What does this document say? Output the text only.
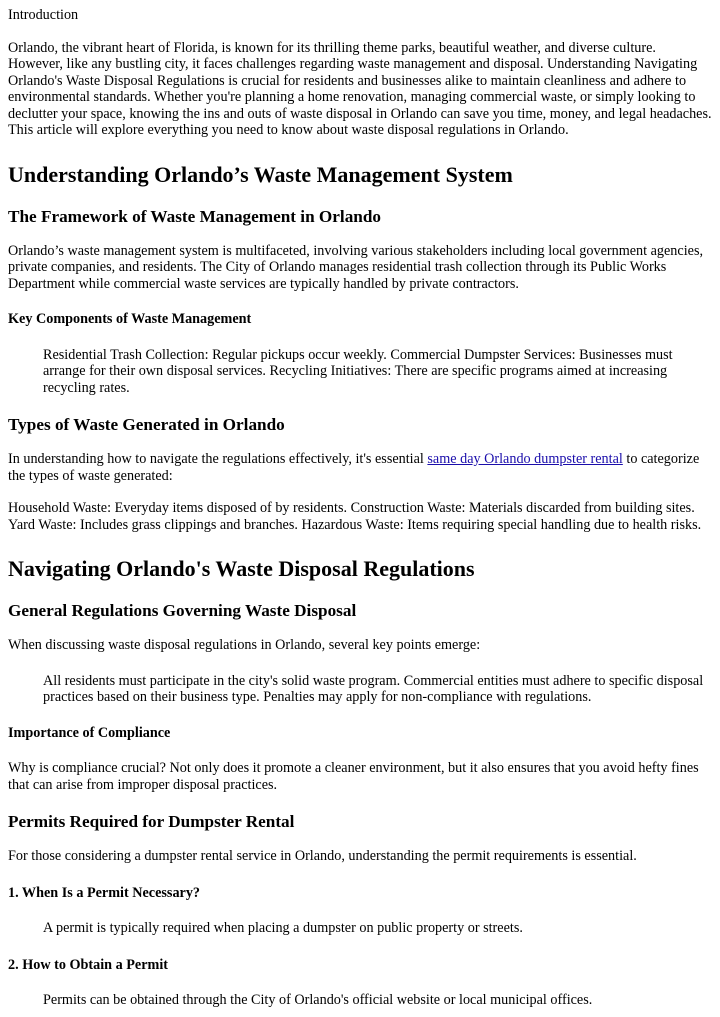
Introduction

Orlando, the vibrant heart of Florida, is known for its thrilling theme parks, beautiful weather, and diverse culture. However, like any bustling city, it faces challenges regarding waste management and disposal. Understanding Navigating Orlando's Waste Disposal Regulations is crucial for residents and businesses alike to maintain cleanliness and adhere to environmental standards. Whether you're planning a home renovation, managing commercial waste, or simply looking to declutter your space, knowing the ins and outs of waste disposal in Orlando can save you time, money, and legal headaches. This article will explore everything you need to know about waste disposal regulations in Orlando.

Understanding Orlando’s Waste Management System
The Framework of Waste Management in Orlando

Orlando’s waste management system is multifaceted, involving various stakeholders including local government agencies, private companies, and residents. The City of Orlando manages residential trash collection through its Public Works Department while commercial waste services are typically handled by private contractors.

Key Components of Waste Management
Residential Trash Collection: Regular pickups occur weekly. Commercial Dumpster Services: Businesses must arrange for their own disposal services. Recycling Initiatives: There are specific programs aimed at increasing recycling rates.
Types of Waste Generated in Orlando

In understanding how to navigate the regulations effectively, it's essential same day Orlando dumpster rental to categorize the types of waste generated:

Household Waste: Everyday items disposed of by residents. Construction Waste: Materials discarded from building sites. Yard Waste: Includes grass clippings and branches. Hazardous Waste: Items requiring special handling due to health risks.

Navigating Orlando's Waste Disposal Regulations
General Regulations Governing Waste Disposal

When discussing waste disposal regulations in Orlando, several key points emerge:

All residents must participate in the city's solid waste program. Commercial entities must adhere to specific disposal practices based on their business type. Penalties may apply for non-compliance with regulations.
Importance of Compliance

Why is compliance crucial? Not only does it promote a cleaner environment, but it also ensures that you avoid hefty fines that can arise from improper disposal practices.

Permits Required for Dumpster Rental

For those considering a dumpster rental service in Orlando, understanding the permit requirements is essential.

1. When Is a Permit Necessary?
A permit is typically required when placing a dumpster on public property or streets.
2. How to Obtain a Permit
Permits can be obtained through the City of Orlando's official website or local municipal offices.
